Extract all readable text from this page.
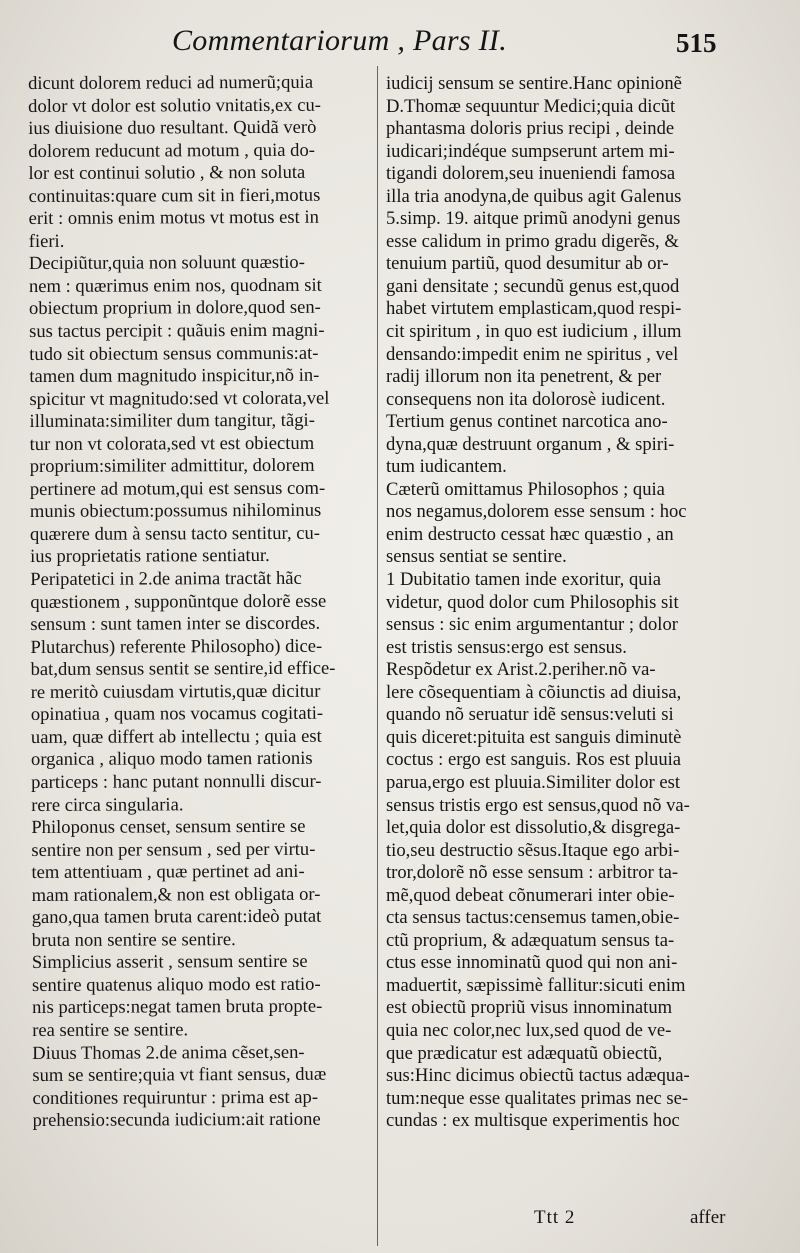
Commentariorum , Pars II.	515
dicunt dolorem reduci ad numerũ;quia
dolor vt dolor est solutio vnitatis,ex cu-
ius diuisione duo resultant. Quidã verò
dolorem reducunt ad motum , quia do-
lor est continui solutio , & non soluta
continuitas:quare cum sit in fieri,motus
erit : omnis enim motus vt motus est in
fieri.
Decipiũtur,quia non soluunt quæstio-
nem : quærimus enim nos, quodnam sit
obiectum proprium in dolore,quod sen-
sus tactus percipit : quãuis enim magni-
tudo sit obiectum sensus communis:at-
tamen dum magnitudo inspicitur,nõ in-
spicitur vt magnitudo:sed vt colorata,vel
illuminata:similiter dum tangitur, tãgi-
tur non vt colorata,sed vt est obiectum
proprium:similiter admittitur, dolorem
pertinere ad motum,qui est sensus com-
munis obiectum:possumus nihilominus
quærere dum à sensu tacto sentitur, cu-
ius proprietatis ratione sentiatur.
Peripatetici in 2.de anima tractãt hãc
quæstionem , supponũntque dolorẽ esse
sensum : sunt tamen inter se discordes.
Plutarchus) referente Philosopho) dice-
bat,dum sensus sentit se sentire,id effice-
re meritò cuiusdam virtutis,quæ dicitur
opinatiua , quam nos vocamus cogitati-
uam, quæ differt ab intellectu ; quia est
organica , aliquo modo tamen rationis
particeps : hanc putant nonnulli discur-
rere circa singularia.
Philoponus censet, sensum sentire se
sentire non per sensum , sed per virtu-
tem attentiuam , quæ pertinet ad ani-
mam rationalem,& non est obligata or-
gano,qua tamen bruta carent:ideò putat
bruta non sentire se sentire.
Simplicius asserit , sensum sentire se
sentire quatenus aliquo modo est ratio-
nis particeps:negat tamen bruta propte-
rea sentire se sentire.
Diuus Thomas 2.de anima cẽset,sen-
sum se sentire;quia vt fiant sensus, duæ
conditiones requiruntur : prima est ap-
prehensio:secunda iudicium:ait ratione
iudicij sensum se sentire.Hanc opinionẽ
D.Thomæ sequuntur Medici;quia dicũt
phantasma doloris prius recipi , deinde
iudicari;indéque sumpserunt artem mi-
tigandi dolorem,seu inueniendi famosa
illa tria anodyna,de quibus agit Galenus
5.simp. 19. aitque primũ anodyni genus
esse calidum in primo gradu digerẽs, &
tenuium partiũ, quod desumitur ab or-
gani densitate ; secundũ genus est,quod
habet virtutem emplasticam,quod respi-
cit spiritum , in quo est iudicium , illum
densando:impedit enim ne spiritus , vel
radij illorum non ita penetrent, & per
consequens non ita dolorosè iudicent.
Tertium genus continet narcotica ano-
dyna,quæ destruunt organum , & spiri-
tum iudicantem.
Cæterũ omittamus Philosophos ; quia
nos negamus,dolorem esse sensum : hoc
enim destructo cessat hæc quæstio , an
sensus sentiat se sentire.
1 Dubitatio tamen inde exoritur, quia
videtur, quod dolor cum Philosophis sit
sensus : sic enim argumentantur ; dolor
est tristis sensus:ergo est sensus.
Respõdetur ex Arist.2.periher.nõ va-
lere cõsequentiam à cõiunctis ad diuisa,
quando nõ seruatur idẽ sensus:veluti si
quis diceret:pituita est sanguis diminutè
coctus : ergo est sanguis. Ros est pluuia
parua,ergo est pluuia.Similiter dolor est
sensus tristis ergo est sensus,quod nõ va-
let,quia dolor est dissolutio,& disgrega-
tio,seu destructio sẽsus.Itaque ego arbi-
tror,dolorẽ nõ esse sensum : arbitror ta-
mẽ,quod debeat cõnumerari inter obie-
cta sensus tactus:censemus tamen,obie-
ctũ proprium, & adæquatum sensus ta-
ctus esse innominatũ quod qui non ani-
maduertit, sæpissimè fallitur:sicuti enim
est obiectũ propriũ visus innominatum
quia nec color,nec lux,sed quod de ve-
que prædicatur est adæquatũ obiectũ,
sus:Hinc dicimus obiectũ tactus adæqua-
tum:neque esse qualitates primas nec se-
cundas : ex multisque experimentis hoc
Ttt 2	affer
